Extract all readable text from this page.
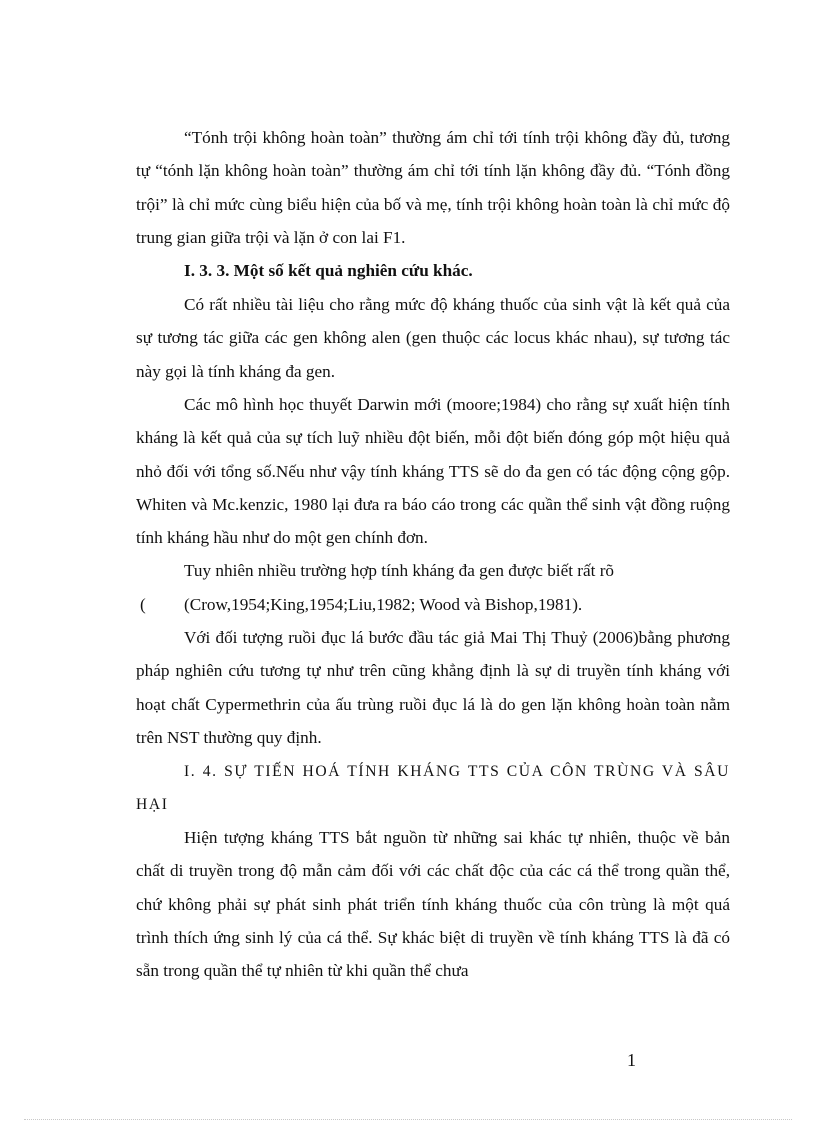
“Tónh trội không hoàn toàn” thường ám chỉ tới tính trội không đầy đủ, tương tự “tónh lặn không hoàn toàn” thường ám chỉ tới tính lặn không đầy đủ. “Tónh đồng trội” là chỉ mức cùng biểu hiện của bố và mẹ, tính trội không hoàn toàn là chỉ mức độ trung gian giữa trội và lặn ở con lai F1.

I. 3. 3. Một số kết quả nghiên cứu khác.

Có rất nhiều tài liệu cho rằng mức độ kháng thuốc của sinh vật là kết quả của sự tương tác giữa các gen không alen (gen thuộc các locus khác nhau), sự tương tác này gọi là tính kháng đa gen.

Các mô hình học thuyết Darwin mới (moore;1984) cho rằng sự xuất hiện tính kháng là kết quả của sự tích luỹ nhiều đột biến, mỗi đột biến đóng góp một hiệu quả nhỏ đối với tổng số.Nếu như vậy tính kháng TTS sẽ do đa gen có tác động cộng gộp. Whiten và Mc.kenzic, 1980 lại đưa ra báo cáo trong các quần thể sinh vật đồng ruộng tính kháng hầu như do một gen chính đơn.

Tuy nhiên nhiều trường hợp tính kháng đa gen được biết rất rõ

( (Crow,1954;King,1954;Liu,1982; Wood và Bishop,1981).

Với đối tượng ruồi đục lá bước đầu tác giả Mai Thị Thuỷ (2006)bằng phương pháp nghiên cứu tương tự như trên cũng khẳng định là sự di truyền tính kháng với hoạt chất Cypermethrin của ấu trùng ruồi đục lá là do gen lặn không hoàn toàn nằm trên NST thường quy định.

I. 4. SỰ TIẾN HOÁ TÍNH KHÁNG TTS CỦA CÔN TRÙNG VÀ SÂU HẠI

Hiện tượng kháng TTS bắt nguồn từ những sai khác tự nhiên, thuộc về bản chất di truyền trong độ mẫn cảm đối với các chất độc của các cá thể trong quần thể, chứ không phải sự phát sinh phát triển tính kháng thuốc của côn trùng là một quá trình thích ứng sinh lý của cá thể. Sự khác biệt di truyền về tính kháng TTS là đã có sẵn trong quần thể tự nhiên từ khi quần thể chưa

1
